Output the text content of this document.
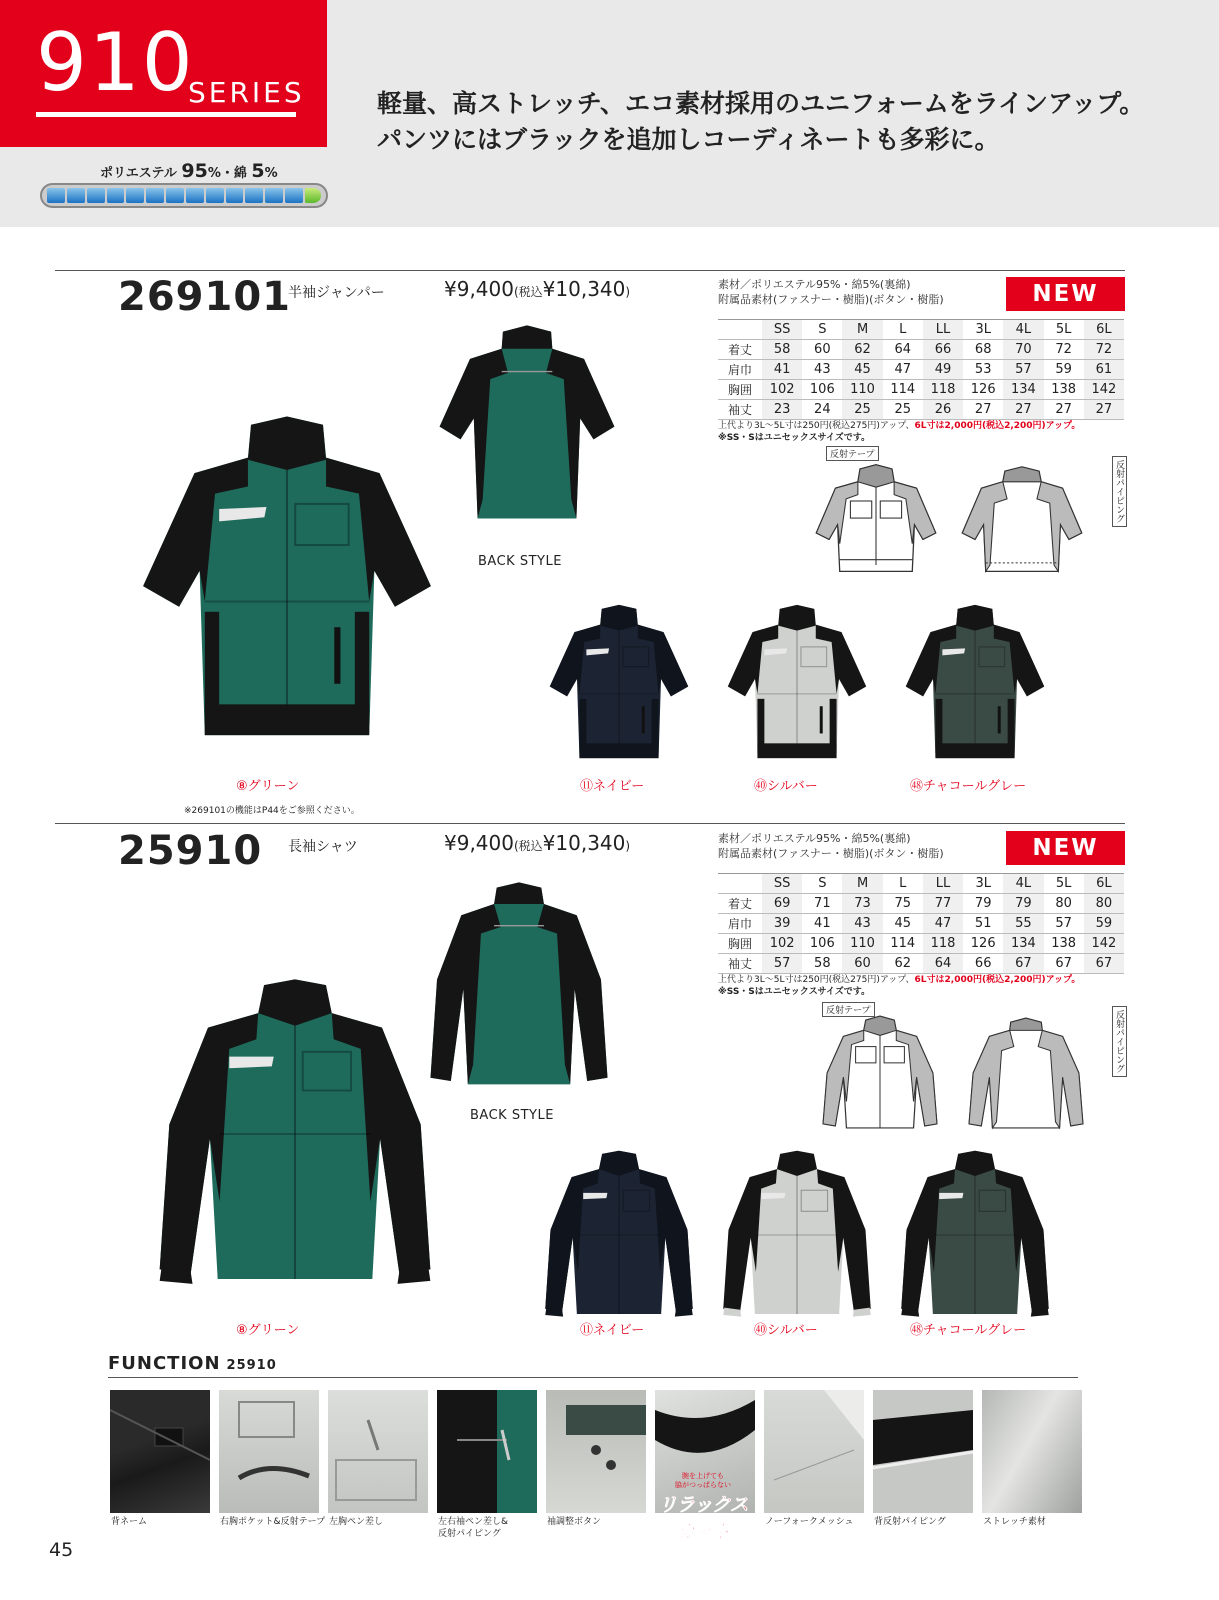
910
SERIES	軽量、高ストレッチ、エコ素材採用のユニフォームをラインアップ。
パンツにはブラックを追加しコーディネートも多彩に。
ポリエステル 95%・綿 5%
269101
半袖ジャンパー	¥9,400(税込¥10,340)
素材／ポリエステル95%・綿5%(裏綿)
附属品素材(ファスナー・樹脂)(ボタン・樹脂)	NEW
	SS	S	M	L	LL	3L	4L	5L	6L
着丈	58	60	62	64	66	68	70	72	72
肩巾	41	43	45	47	49	53	57	59	61
胸囲	102	106	110	114	118	126	134	138	142
袖丈	23	24	25	25	26	27	27	27	27
上代より3L〜5L寸は250円(税込275円)アップ、6L寸は2,000円(税込2,200円)アップ。
※SS・Sはユニセックスサイズです。
反射テープ
反射パイピング
BACK STYLE
⑧グリーン	⑪ネイビー	㊵シルバー	㊽チャコールグレー
※269101の機能はP44をご参照ください。
25910 長袖シャツ	¥9,400(税込¥10,340)
素材／ポリエステル95%・綿5%(裏綿)
附属品素材(ファスナー・樹脂)(ボタン・樹脂)	NEW
	SS	S	M	L	LL	3L	4L	5L	6L
着丈	69	71	73	75	77	79	79	80	80
肩巾	39	41	43	45	47	51	55	57	59
胸囲	102	106	110	114	118	126	134	138	142
袖丈	57	58	60	62	64	66	67	67	67
上代より3L〜5L寸は250円(税込275円)アップ、6L寸は2,000円(税込2,200円)アップ。
※SS・Sはユニセックスサイズです。
反射テープ	反射パイピング
BACK STYLE
⑧グリーン	⑪ネイビー	㊵シルバー	㊽チャコールグレー
FUNCTION 25910
腕を上げても
脇がつっぱらない
リラックスカット
背ネーム	右胸ポケット&反射テープ 左胸ペン差し	左右袖ペン差し&
反射パイピング
袖調整ボタン	ノーフォークメッシュ 背反射パイピング	ストレッチ素材
45
